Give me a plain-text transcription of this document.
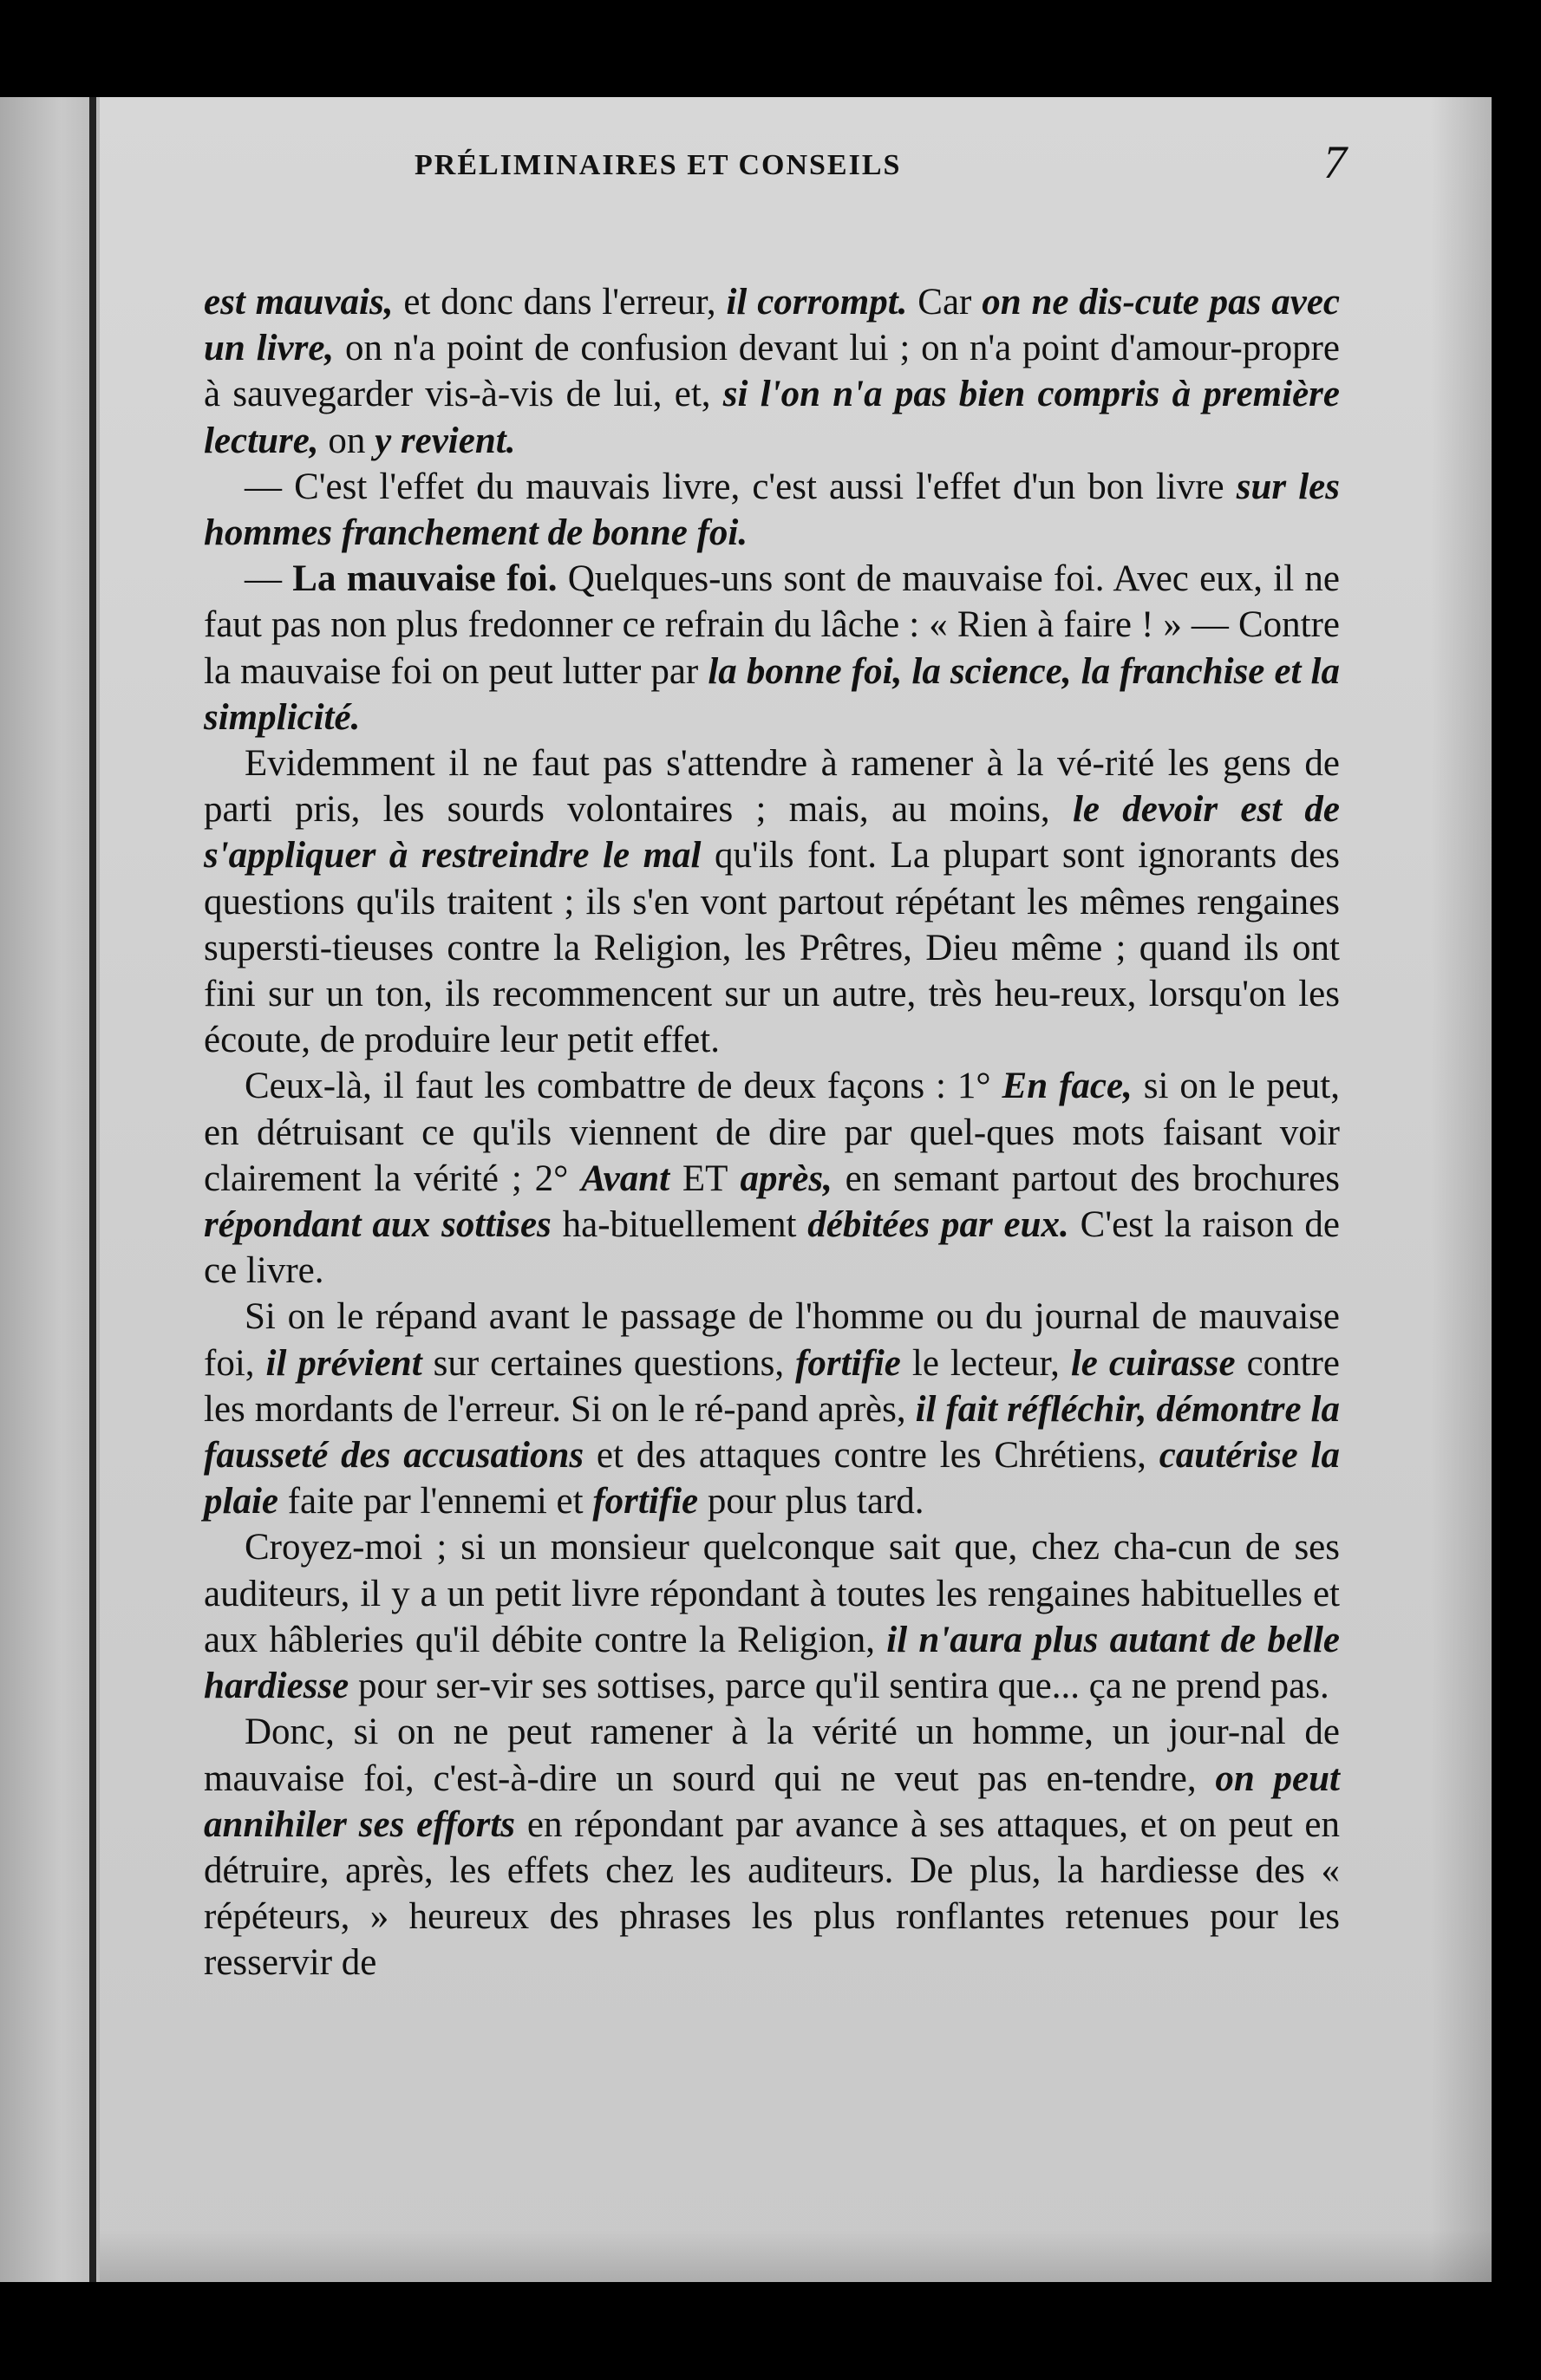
PRÉLIMINAIRES ET CONSEILS	7

est mauvais, et donc dans l'erreur, il corrompt. Car on ne dis-cute pas avec un livre, on n'a point de confusion devant lui ; on n'a point d'amour-propre à sauvegarder vis-à-vis de lui, et, si l'on n'a pas bien compris à première lecture, on y revient.

— C'est l'effet du mauvais livre, c'est aussi l'effet d'un bon livre sur les hommes franchement de bonne foi.

— La mauvaise foi. Quelques-uns sont de mauvaise foi. Avec eux, il ne faut pas non plus fredonner ce refrain du lâche : « Rien à faire ! » — Contre la mauvaise foi on peut lutter par la bonne foi, la science, la franchise et la simplicité.

Evidemment il ne faut pas s'attendre à ramener à la vé-rité les gens de parti pris, les sourds volontaires ; mais, au moins, le devoir est de s'appliquer à restreindre le mal qu'ils font. La plupart sont ignorants des questions qu'ils traitent ; ils s'en vont partout répétant les mêmes rengaines supersti-tieuses contre la Religion, les Prêtres, Dieu même ; quand ils ont fini sur un ton, ils recommencent sur un autre, très heu-reux, lorsqu'on les écoute, de produire leur petit effet.

Ceux-là, il faut les combattre de deux façons : 1° En face, si on le peut, en détruisant ce qu'ils viennent de dire par quel-ques mots faisant voir clairement la vérité ; 2° Avant ET après, en semant partout des brochures répondant aux sottises ha-bituellement débitées par eux. C'est la raison de ce livre.

Si on le répand avant le passage de l'homme ou du journal de mauvaise foi, il prévient sur certaines questions, fortifie le lecteur, le cuirasse contre les mordants de l'erreur. Si on le ré-pand après, il fait réfléchir, démontre la fausseté des accusations et des attaques contre les Chrétiens, cautérise la plaie faite par l'ennemi et fortifie pour plus tard.

Croyez-moi ; si un monsieur quelconque sait que, chez cha-cun de ses auditeurs, il y a un petit livre répondant à toutes les rengaines habituelles et aux hâbleries qu'il débite contre la Religion, il n'aura plus autant de belle hardiesse pour ser-vir ses sottises, parce qu'il sentira que... ça ne prend pas.

Donc, si on ne peut ramener à la vérité un homme, un jour-nal de mauvaise foi, c'est-à-dire un sourd qui ne veut pas en-tendre, on peut annihiler ses efforts en répondant par avance à ses attaques, et on peut en détruire, après, les effets chez les auditeurs. De plus, la hardiesse des « répéteurs, » heureux des phrases les plus ronflantes retenues pour les resservir de
